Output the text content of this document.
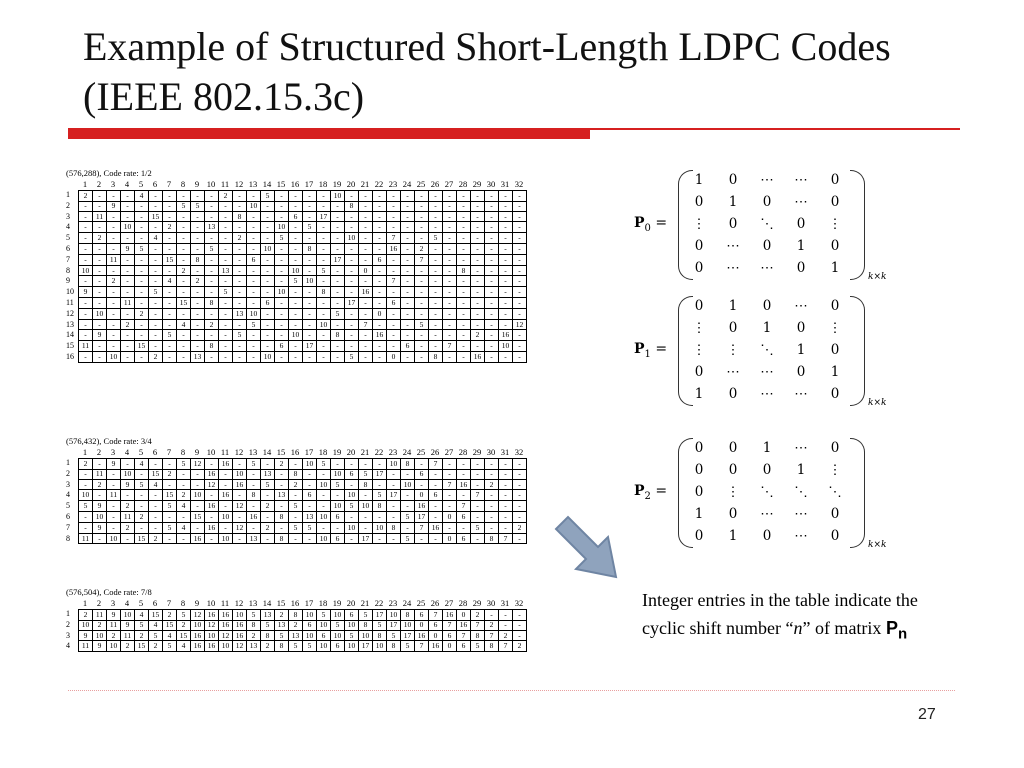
Example of Structured Short-Length LDPC Codes (IEEE 802.15.3c)
(576,288), Code rate: 1/2
1	2	3	4	5	6	7	8	9 10 11 12 13 14 15 16 17 18 19 20 21 22 23 24 25 26 27 28 29 30 31 32
1	2	-	-	-	4	-	-	-	-	-	2	-	-	5	-	-	-	-	10	-	-	-	-	-	-	-	-	-	-	-	-	-
2	-	-	9	-	-	-	-	5	5	-	-	-	10	-	-	-	-	-	-	8	-	-	-	-	-	-	-	-	-	-	-	-
3	-	11	-	-	-	15	-	-	-	-	-	8	-	-	-	6	-	17	-	-	-	-	-	-	-	-	-	-	-	-	-	-
4	-	-	-	10	-	-	2	-	-	13	-	-	-	-	10	-	5	-	-	-	-	-	-	-	-	-	-	-	-	-	-	-
5	-	2	-	-	-	4	-	-	-	-	-	2	-	-	5	-	-	-	-	10	-	-	7	-	-	5	-	-	-	-	-	-
6	-	-	-	9	5	-	-	-	-	5	-	-	-	10	-	-	8	-	-	-	-	-	16	-	2	-	-	-	-	-	-	-
7	-	-	11	-	-	-	15	-	8	-	-	-	6	-	-	-	-	-	17	-	-	6	-	-	7	-	-	-	-	-	-	-
8	10	-	-	-	-	-	-	2	-	-	13	-	-	-	-	10	-	5	-	-	0	-	-	-	-	-	-	8	-	-	-	-
9	-	-	2	-	-	-	4	-	2	-	-	-	-	-	-	5	10	-	-	-	-	-	7	-	-	-	-	-	-	-	-	-
10	9	-	-	-	-	5	-	-	-	-	5	-	-	-	10	-	-	8	-	-	16	-	-	-	-	-	-	-	-	-	-	-
11	-	-	-	11	-	-	-	15	-	8	-	-	-	6	-	-	-	-	-	17	-	-	6	-	-	-	-	-	-	-	-	-
12	-	10	-	-	2	-	-	-	-	-	-	13 10	-	-	-	-	-	5	-	-	0	-	-	-	-	-	-	-	-	-	-
13	-	-	-	2	-	-	-	4	-	2	-	-	5	-	-	-	-	10	-	-	7	-	-	-	5	-	-	-	-	-	-	12
14	-	9	-	-	-	-	5	-	-	-	-	5	-	-	-	10	-	-	8	-	-	16	-	-	-	-	-	-	2	-	16	-
15	11	-	-	-	15	-	-	-	-	8	-	-	-	-	6	-	17	-	-	-	-	-	-	6	-	-	7	-	-	-	10	-
16	-	-	10	-	-	2	-	-	13	-	-	-	-	10	-	-	-	-	-	5	-	-	0	-	-	8	-	-	16	-	-	-
(576,432), Code rate: 3/4
1	2	3	4	5	6	7	8	9 10 11 12 13 14 15 16 17 18 19 20 21 22 23 24 25 26 27 28 29 30 31 32
1	2	-	9	-	4	-	-	5	12	-	16	-	5	-	2	-	10	5	-	-	-	-	10	8	-	7	-	-	-	-	-	-
2	-	11	-	10	-	15	2	-	-	16	-	10	-	13	-	8	-	-	10	6	5	17	-	-	6	-	-	-	-	-	-	-
3	-	2	-	9	5	4	-	-	-	12	-	16	-	5	-	2	-	10	5	-	8	-	-	10	-	-	7	16	-	2	-	-
4	10	-	11	-	-	-	15	2	10	-	16	-	8	-	13	-	6	-	-	10	-	5	17	-	0	6	-	-	7	-	-	-
5	5	9	-	2	-	-	5	4	-	16	-	12	-	2	-	5	-	-	10	5	10	8	-	-	16	-	-	7	-	-	-	-
6	-	10	-	11	2	-	-	-	15	-	10	-	16	-	8	-	13 10	6	-	-	-	-	5	17	-	0	6	-	-	-	-
7	-	9	-	2	-	-	5	4	-	16	-	12	-	2	-	5	5	-	-	10	-	10	8	-	7	16	-	-	5	-	-	2
8	11	-	10	-	15	2	-	-	16	-	10	-	13	-	8	-	-	10	6	-	17	-	-	5	-	-	0	6	-	8	7	-
(576,504), Code rate: 7/8
1	2	3	4	5	6	7	8	9 10 11 12 13 14 15 16 17 18 19 20 21 22 23 24 25 26 27 28 29 30 31 32
1	2	11	9	10	4	15	2	5	12 16 16 10	5	13	2	8	10	5	10	6	5	17 10	8	6	7	16	0	2	-	-	-
2	10	2	11	9	5	4	15	2	10 12 16 16	8	5	13	2	6	10	5	10	8	5	17 10	0	6	7	16	7	2	-	-
3	9	10	2	11	2	5	4	15 16 10 12 16	2	8	5	13 10	6	10	5	10	8	5	17 16	0	6	7	8	7	2	-
4	11	9	10	2	15	2	5	4	16 16 10 12 13	2	8	5	5	10	6	10 17 10	8	5	7	16	0	6	5	8	7	2
$P_0$ =
1	0	⋯	⋯	0
0	1	0	⋯	0
⋮	0	⋱	0	⋮
0	⋯	0	1	0
0	⋯	⋯	0	1
k×k
$P_1$ =
0	1	0	⋯	0
⋮	0	1	0	⋮
⋮	⋮	⋱	1	0
0	⋯	⋯	0	1
1	0	⋯	⋯	0
k×k
$P_2$ =
0	0	1	⋯	0
0	0	0	1	⋮
0	⋮	⋱	⋱	⋱
1	0	⋯	⋯	0
0	1	0	⋯	0
k×k
Integer entries in the table indicate the cyclic shift number “n” of matrix $P_n$
27
